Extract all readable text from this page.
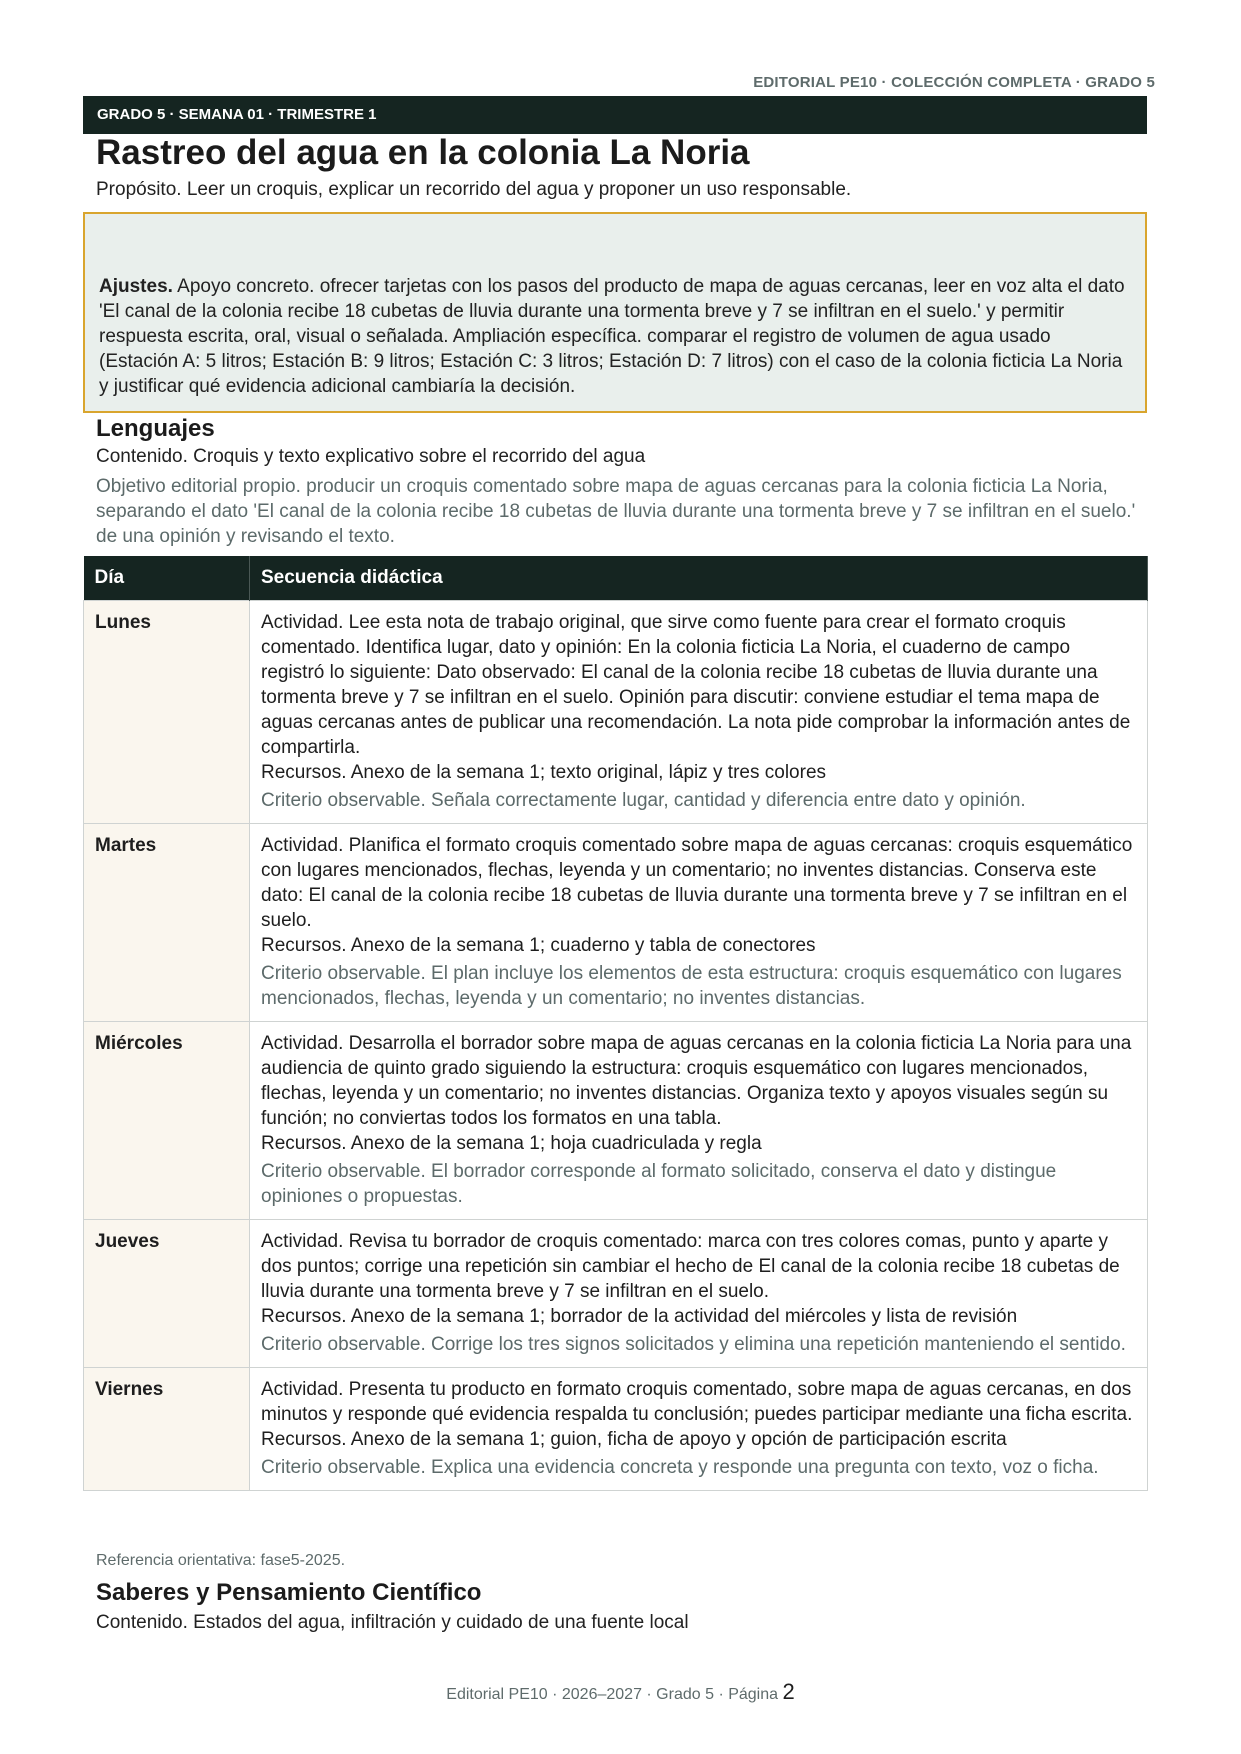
EDITORIAL PE10 · COLECCIÓN COMPLETA · GRADO 5
GRADO 5 · SEMANA 01 · TRIMESTRE 1
Rastreo del agua en la colonia La Noria
Propósito. Leer un croquis, explicar un recorrido del agua y proponer un uso responsable.
Ajustes. Apoyo concreto. ofrecer tarjetas con los pasos del producto de mapa de aguas cercanas, leer en voz alta el dato 'El canal de la colonia recibe 18 cubetas de lluvia durante una tormenta breve y 7 se infiltran en el suelo.' y permitir respuesta escrita, oral, visual o señalada. Ampliación específica. comparar el registro de volumen de agua usado (Estación A: 5 litros; Estación B: 9 litros; Estación C: 3 litros; Estación D: 7 litros) con el caso de la colonia ficticia La Noria y justificar qué evidencia adicional cambiaría la decisión.
Lenguajes
Contenido. Croquis y texto explicativo sobre el recorrido del agua
Objetivo editorial propio. producir un croquis comentado sobre mapa de aguas cercanas para la colonia ficticia La Noria, separando el dato 'El canal de la colonia recibe 18 cubetas de lluvia durante una tormenta breve y 7 se infiltran en el suelo.' de una opinión y revisando el texto.
Día	Secuencia didáctica
Lunes	Actividad. Lee esta nota de trabajo original, que sirve como fuente para crear el formato croquis comentado. Identifica lugar, dato y opinión: En la colonia ficticia La Noria, el cuaderno de campo registró lo siguiente: Dato observado: El canal de la colonia recibe 18 cubetas de lluvia durante una tormenta breve y 7 se infiltran en el suelo. Opinión para discutir: conviene estudiar el tema mapa de aguas cercanas antes de publicar una recomendación. La nota pide comprobar la información antes de compartirla.
Recursos. Anexo de la semana 1; texto original, lápiz y tres colores
Criterio observable. Señala correctamente lugar, cantidad y diferencia entre dato y opinión.

Martes	Actividad. Planifica el formato croquis comentado sobre mapa de aguas cercanas: croquis esquemático con lugares mencionados, flechas, leyenda y un comentario; no inventes distancias. Conserva este dato: El canal de la colonia recibe 18 cubetas de lluvia durante una tormenta breve y 7 se infiltran en el suelo.
Recursos. Anexo de la semana 1; cuaderno y tabla de conectores
Criterio observable. El plan incluye los elementos de esta estructura: croquis esquemático con lugares mencionados, flechas, leyenda y un comentario; no inventes distancias.

Miércoles	Actividad. Desarrolla el borrador sobre mapa de aguas cercanas en la colonia ficticia La Noria para una audiencia de quinto grado siguiendo la estructura: croquis esquemático con lugares mencionados, flechas, leyenda y un comentario; no inventes distancias. Organiza texto y apoyos visuales según su función; no conviertas todos los formatos en una tabla.
Recursos. Anexo de la semana 1; hoja cuadriculada y regla
Criterio observable. El borrador corresponde al formato solicitado, conserva el dato y distingue opiniones o propuestas.

Jueves	Actividad. Revisa tu borrador de croquis comentado: marca con tres colores comas, punto y aparte y dos puntos; corrige una repetición sin cambiar el hecho de El canal de la colonia recibe 18 cubetas de lluvia durante una tormenta breve y 7 se infiltran en el suelo.
Recursos. Anexo de la semana 1; borrador de la actividad del miércoles y lista de revisión
Criterio observable. Corrige los tres signos solicitados y elimina una repetición manteniendo el sentido.

Viernes	Actividad. Presenta tu producto en formato croquis comentado, sobre mapa de aguas cercanas, en dos minutos y responde qué evidencia respalda tu conclusión; puedes participar mediante una ficha escrita.
Recursos. Anexo de la semana 1; guion, ficha de apoyo y opción de participación escrita
Criterio observable. Explica una evidencia concreta y responde una pregunta con texto, voz o ficha.
Referencia orientativa: fase5-2025.
Saberes y Pensamiento Científico
Contenido. Estados del agua, infiltración y cuidado de una fuente local
Editorial PE10 · 2026–2027 · Grado 5 · Página 2
